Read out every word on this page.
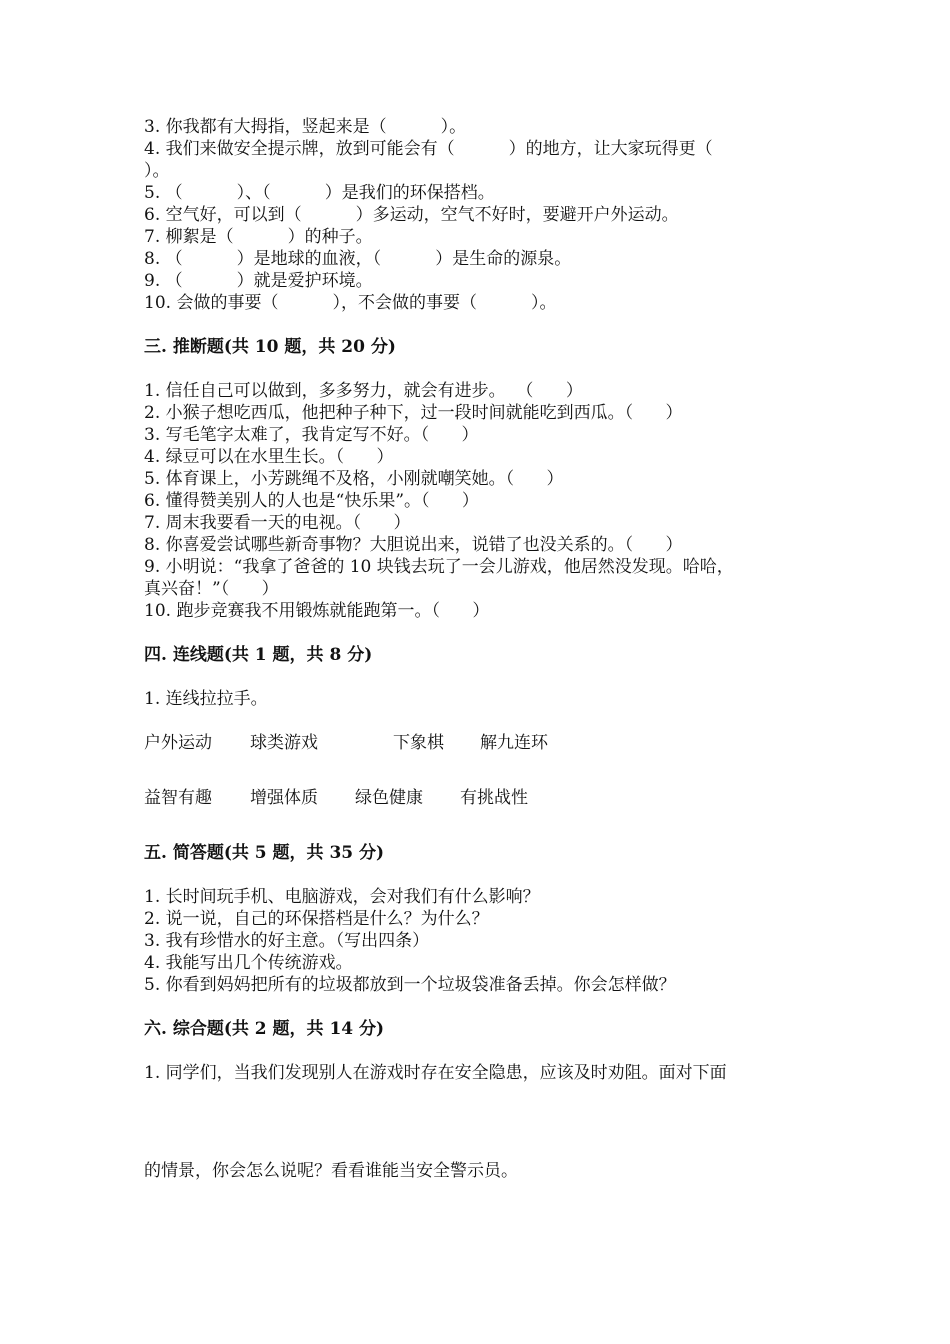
3. 你我都有大拇指，竖起来是（          ）。
4. 我们来做安全提示牌，放到可能会有（          ）的地方，让大家玩得更（
）。
5. （          ）、（          ）是我们的环保搭档。
6. 空气好，可以到（          ）多运动，空气不好时，要避开户外运动。
7. 柳絮是（          ）的种子。
8. （          ）是地球的血液，（          ）是生命的源泉。
9. （          ）就是爱护环境。
10. 会做的事要（          ），不会做的事要（          ）。
三. 推断题(共 10 题，共 20 分)
1. 信任自己可以做到，多多努力，就会有进步。  （      ）
2. 小猴子想吃西瓜，他把种子种下，过一段时间就能吃到西瓜。（      ）
3. 写毛笔字太难了，我肯定写不好。（      ）
4. 绿豆可以在水里生长。（      ）
5. 体育课上，小芳跳绳不及格，小刚就嘲笑她。（      ）
6. 懂得赞美别人的人也是“快乐果”。（      ）
7. 周末我要看一天的电视。（      ）
8. 你喜爱尝试哪些新奇事物？大胆说出来，说错了也没关系的。（      ）
9. 小明说：“我拿了爸爸的 10 块钱去玩了一会儿游戏，他居然没发现。哈哈，
真兴奋！”（      ）
10. 跑步竞赛我不用锻炼就能跑第一。（      ）
四. 连线题(共 1 题，共 8 分)
1. 连线拉拉手。
户外运动 球类游戏	下象棋 解九连环
益智有趣 增强体质 绿色健康 有挑战性
五. 简答题(共 5 题，共 35 分)
1. 长时间玩手机、电脑游戏，会对我们有什么影响？
2. 说一说，自己的环保搭档是什么？为什么？
3. 我有珍惜水的好主意。（写出四条）
4. 我能写出几个传统游戏。
5. 你看到妈妈把所有的垃圾都放到一个垃圾袋准备丢掉。你会怎样做？
六. 综合题(共 2 题，共 14 分)
1. 同学们，当我们发现别人在游戏时存在安全隐患，应该及时劝阻。面对下面
的情景，你会怎么说呢？看看谁能当安全警示员。
